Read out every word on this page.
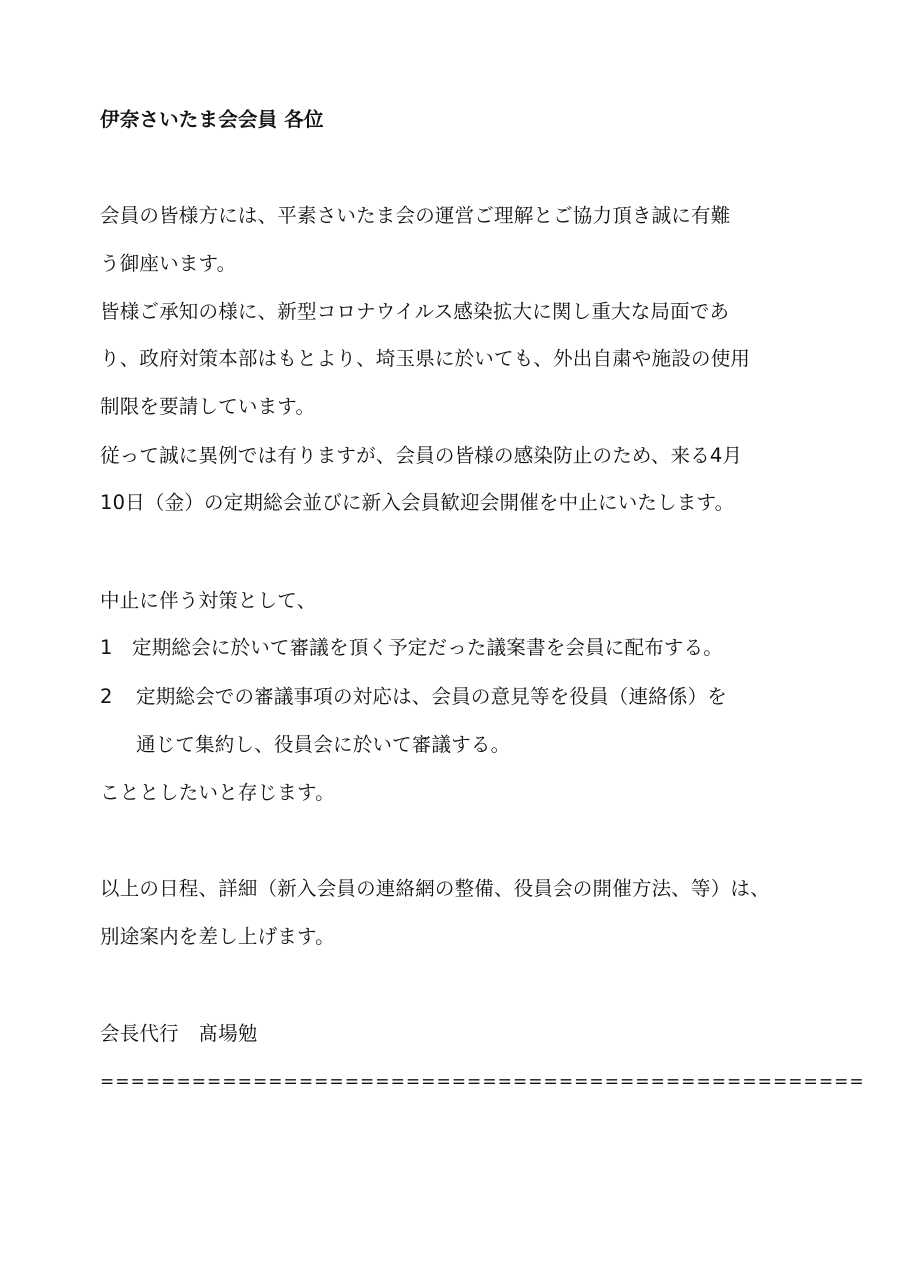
伊奈さいたま会会員 各位
会員の皆様方には、平素さいたま会の運営ご理解とご協力頂き誠に有難
う御座います。
皆様ご承知の様に、新型コロナウイルス感染拡大に関し重大な局面であ
り、政府対策本部はもとより、埼玉県に於いても、外出自粛や施設の使用
制限を要請しています。
従って誠に異例では有りますが、会員の皆様の感染防止のため、来る4月
10日（金）の定期総会並びに新入会員歓迎会開催を中止にいたします。
中止に伴う対策として、
1 定期総会に於いて審議を頂く予定だった議案書を会員に配布する。
2 定期総会での審議事項の対応は、会員の意見等を役員（連絡係）を
通じて集約し、役員会に於いて審議する。
こととしたいと存じます。
以上の日程、詳細（新入会員の連絡網の整備、役員会の開催方法、等）は、
別途案内を差し上げます。
会長代行　髙場勉
==================================================
